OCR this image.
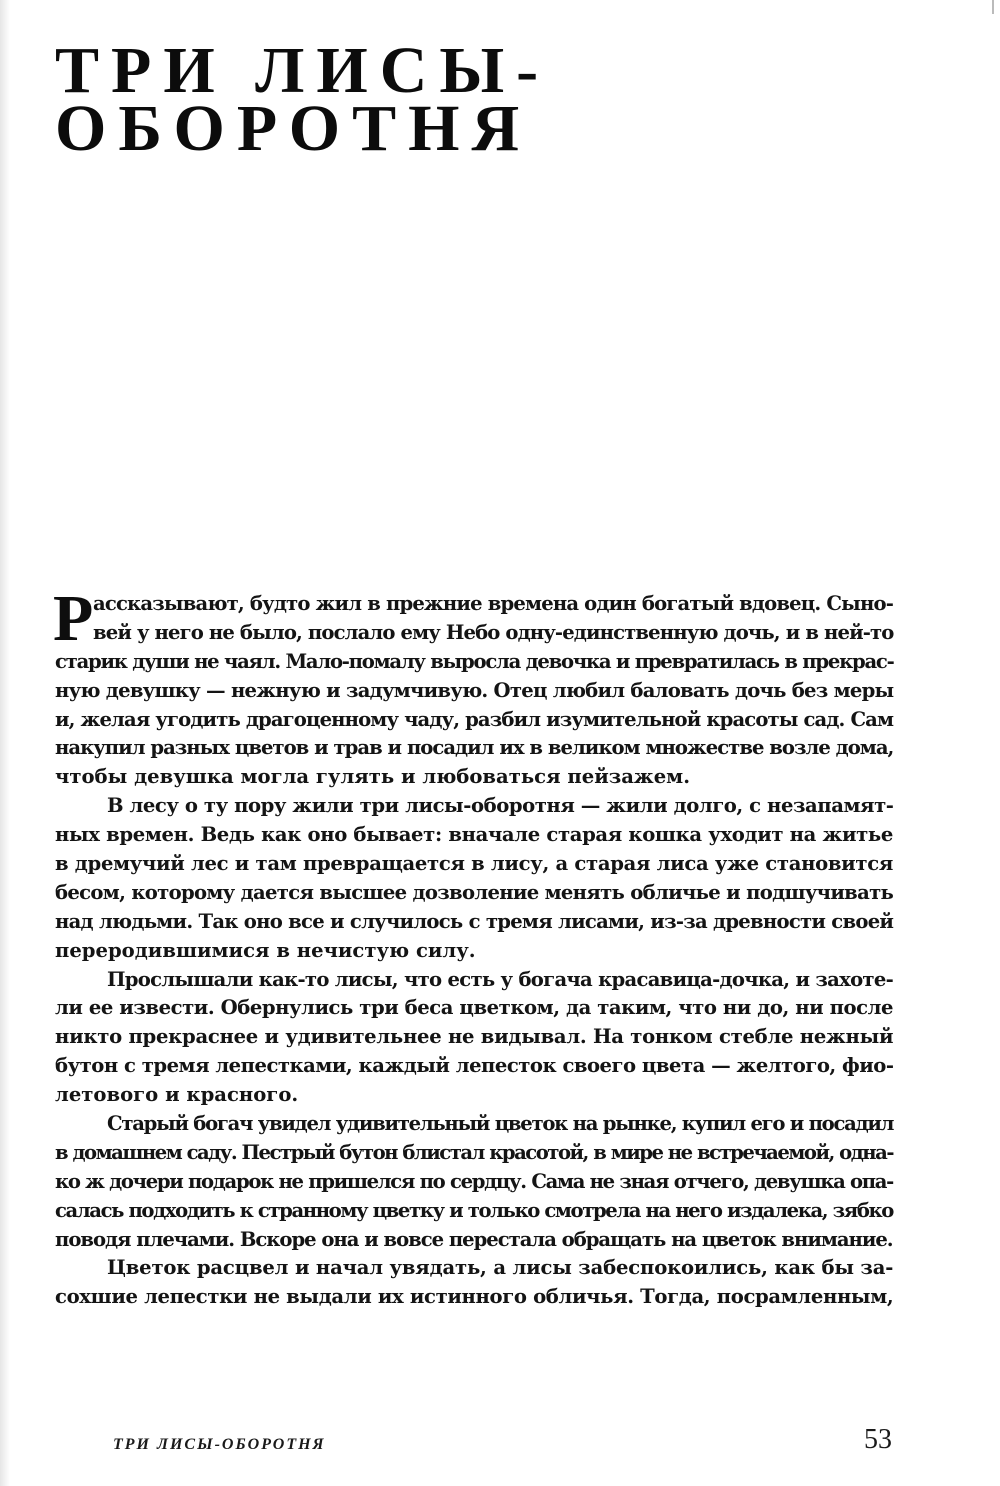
ТРИ ЛИСЫ-
ОБОРОТНЯ
Р ассказывают, будто жил в прежние времена один богатый вдовец. Сыно-
вей у него не было, послало ему Небо одну-единственную дочь, и в ней-то
старик души не чаял. Мало-помалу выросла девочка и превратилась в прекрас-
ную девушку — нежную и задумчивую. Отец любил баловать дочь без меры
и, желая угодить драгоценному чаду, разбил изумительной красоты сад. Сам
накупил разных цветов и трав и посадил их в великом множестве возле дома,
чтобы девушка могла гулять и любоваться пейзажем.
В лесу о ту пору жили три лисы-оборотня — жили долго, с незапамят-
ных времен. Ведь как оно бывает: вначале старая кошка уходит на житье
в дремучий лес и там превращается в лису, а старая лиса уже становится
бесом, которому дается высшее дозволение менять обличье и подшучивать
над людьми. Так оно все и случилось с тремя лисами, из-за древности своей
переродившимися в нечистую силу.
Прослышали как-то лисы, что есть у богача красавица-дочка, и захоте-
ли ее извести. Обернулись три беса цветком, да таким, что ни до, ни после
никто прекраснее и удивительнее не видывал. На тонком стебле нежный
бутон с тремя лепестками, каждый лепесток своего цвета — желтого, фио-
летового и красного.
Старый богач увидел удивительный цветок на рынке, купил его и посадил
в домашнем саду. Пестрый бутон блистал красотой, в мире не встречаемой, одна-
ко ж дочери подарок не пришелся по сердцу. Сама не зная отчего, девушка опа-
салась подходить к странному цветку и только смотрела на него издалека, зябко
поводя плечами. Вскоре она и вовсе перестала обращать на цветок внимание.
Цветок расцвел и начал увядать, а лисы забеспокоились, как бы за-
сохшие лепестки не выдали их истинного обличья. Тогда, посрамленным,
ТРИ ЛИСЫ-ОБОРОТНЯ	53
